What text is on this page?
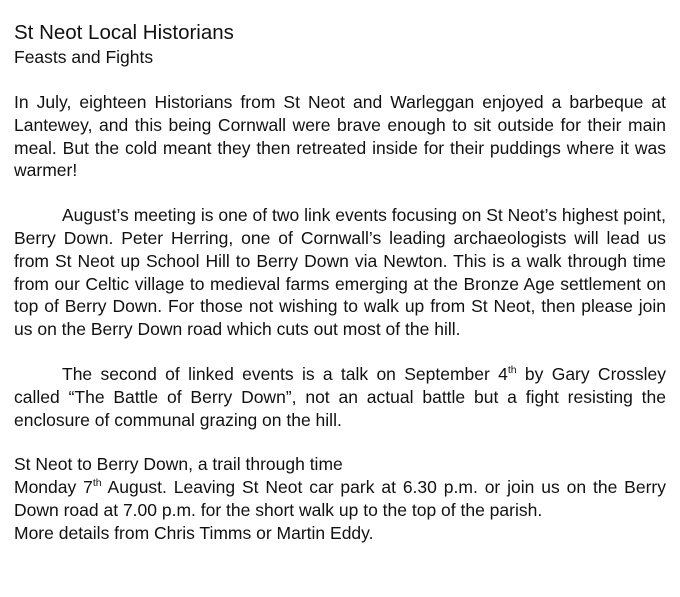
St Neot Local Historians
Feasts and Fights

In July, eighteen Historians from St Neot and Warleggan enjoyed a barbeque at Lantewey, and this being Cornwall were brave enough to sit outside for their main meal. But the cold meant they then retreated inside for their puddings where it was warmer!

August’s meeting is one of two link events focusing on St Neot’s highest point, Berry Down. Peter Herring, one of Cornwall’s leading archaeologists will lead us from St Neot up School Hill to Berry Down via Newton. This is a walk through time from our Celtic village to medieval farms emerging at the Bronze Age settlement on top of Berry Down. For those not wishing to walk up from St Neot, then please join us on the Berry Down road which cuts out most of the hill.

The second of linked events is a talk on September 4th by Gary Crossley called “The Battle of Berry Down”, not an actual battle but a fight resisting the enclosure of communal grazing on the hill.

St Neot to Berry Down, a trail through time
Monday 7th August. Leaving St Neot car park at 6.30 p.m. or join us on the Berry Down road at 7.00 p.m. for the short walk up to the top of the parish.
More details from Chris Timms or Martin Eddy.
